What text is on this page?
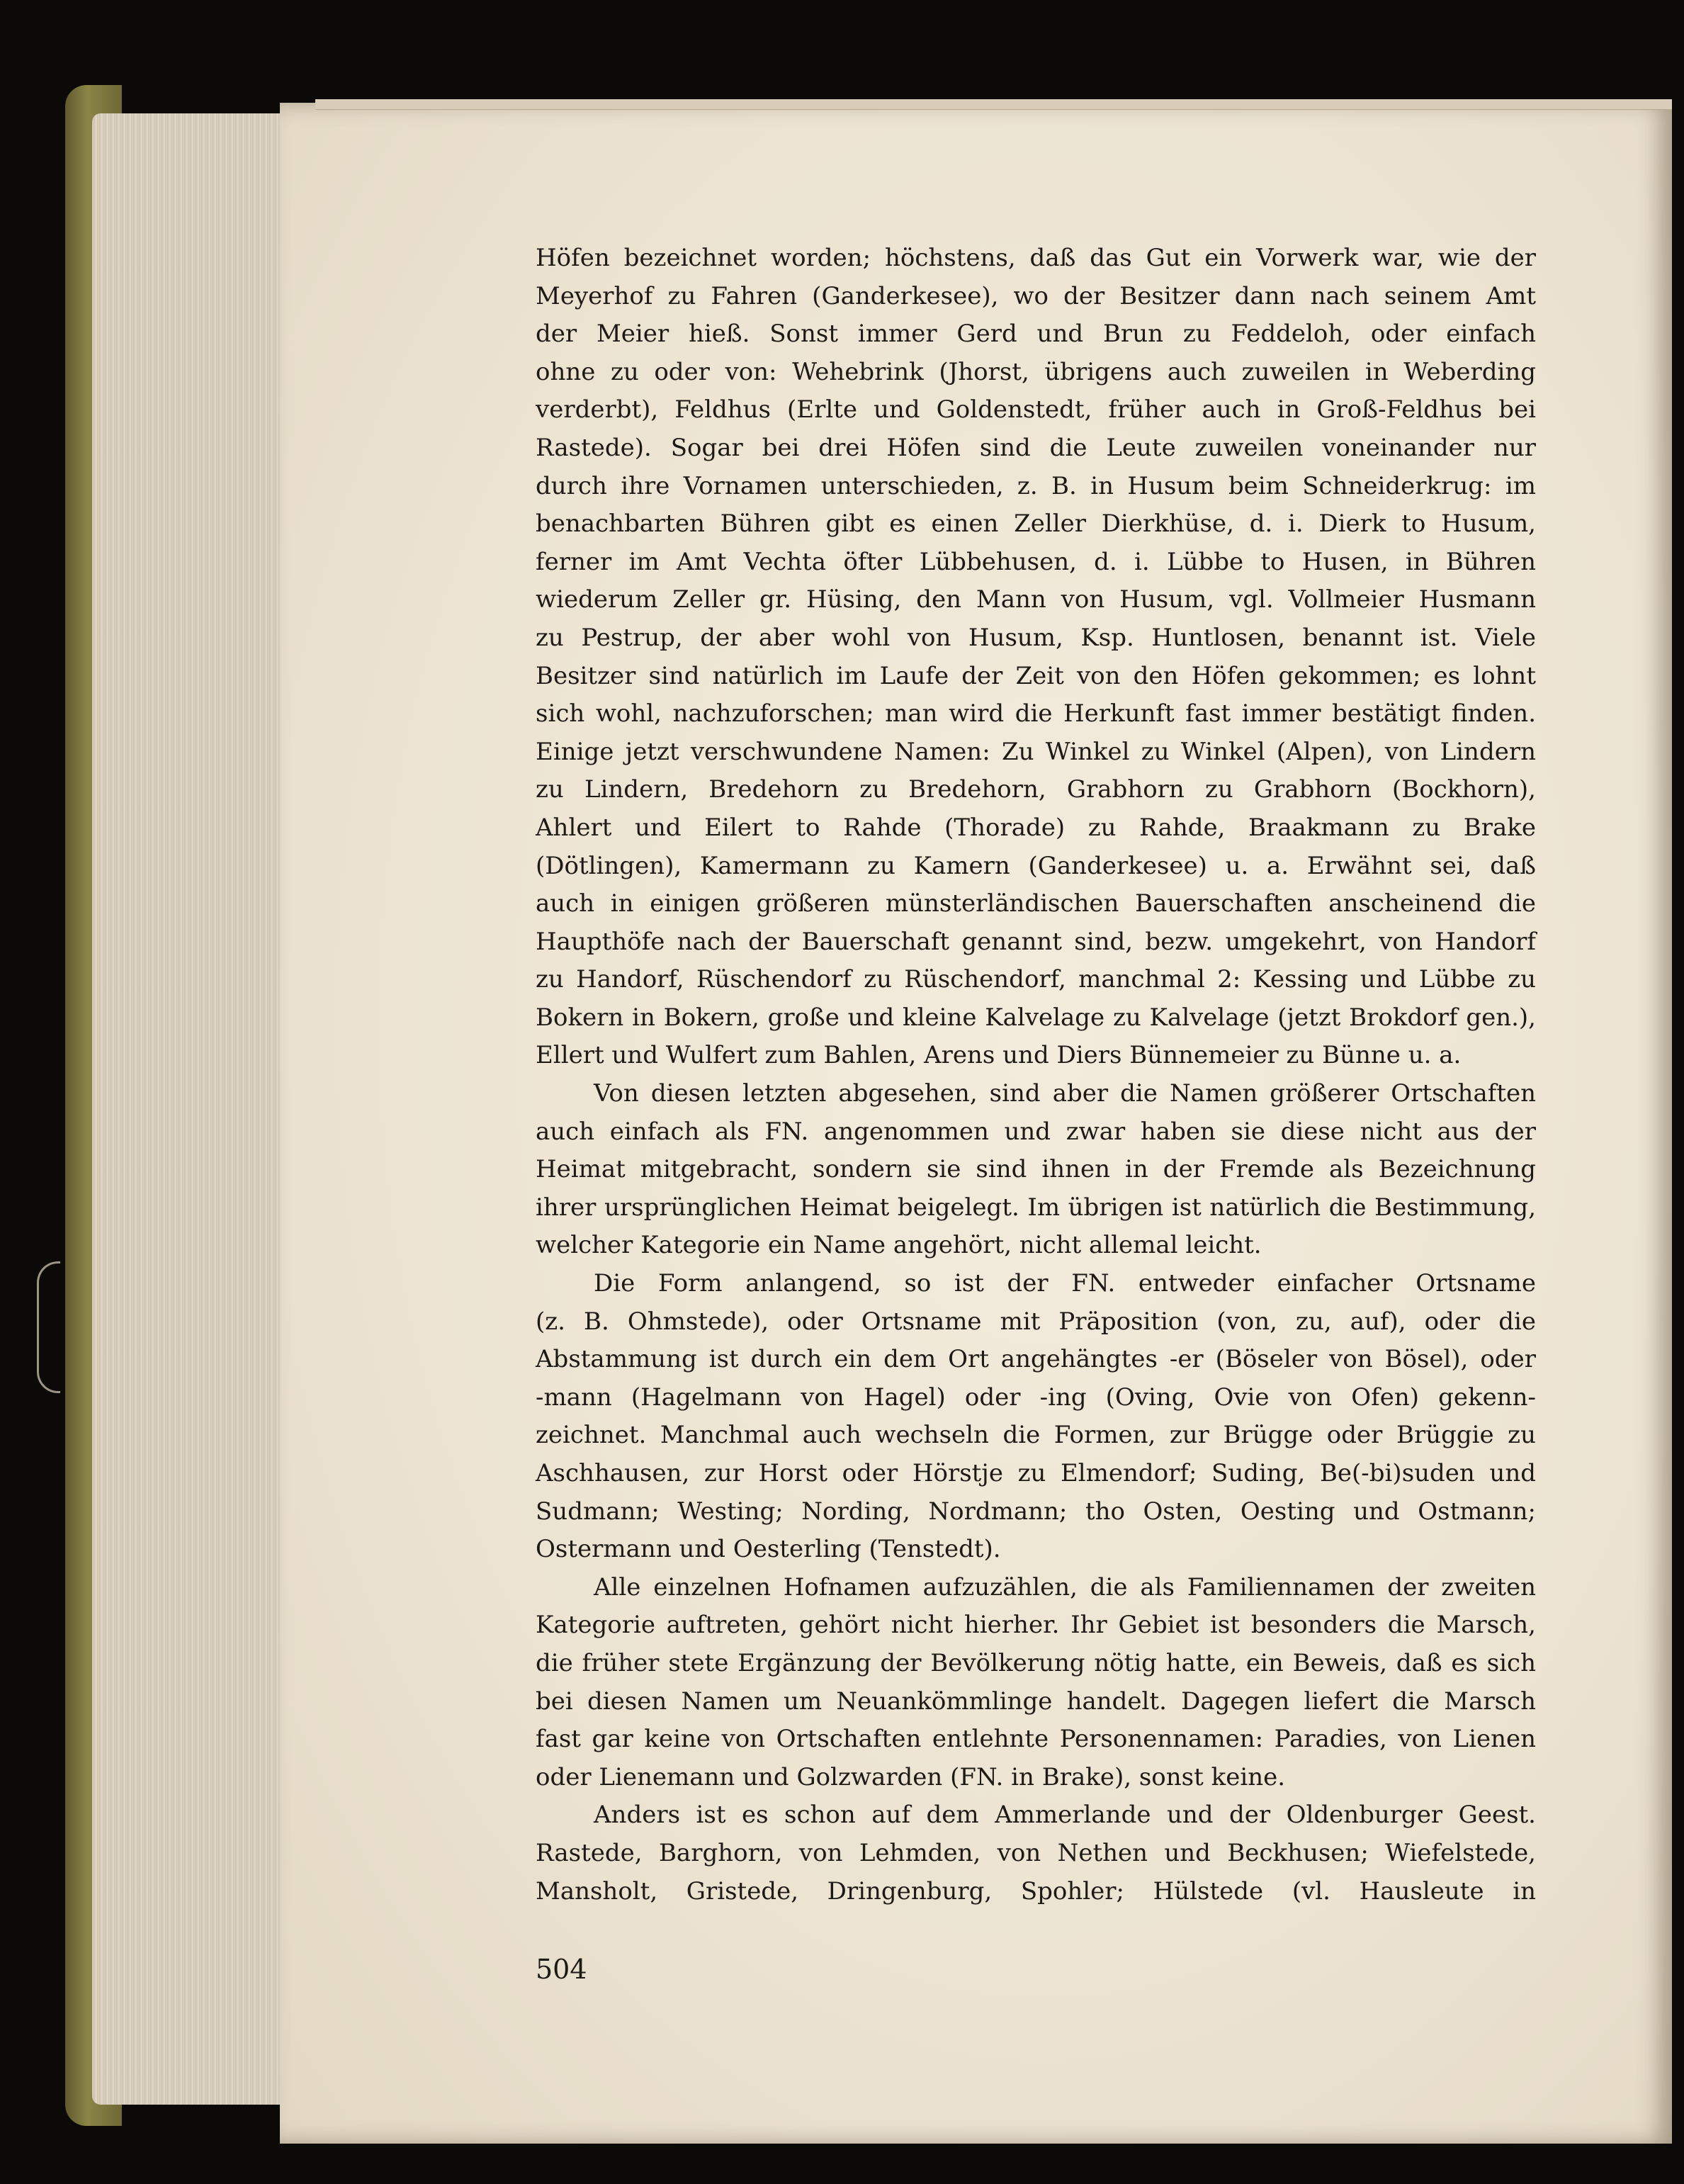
Höfen bezeichnet worden; höchstens, daß das Gut ein Vorwerk war, wie der
Meyerhof zu Fahren (Ganderkesee), wo der Besitzer dann nach seinem Amt
der Meier hieß. Sonst immer Gerd und Brun zu Feddeloh, oder einfach
ohne zu oder von: Wehebrink (Jhorst, übrigens auch zuweilen in Weberding
verderbt), Feldhus (Erlte und Goldenstedt, früher auch in Groß-Feldhus bei
Rastede). Sogar bei drei Höfen sind die Leute zuweilen voneinander nur
durch ihre Vornamen unterschieden, z. B. in Husum beim Schneiderkrug: im
benachbarten Bühren gibt es einen Zeller Dierkhüse, d. i. Dierk to Husum,
ferner im Amt Vechta öfter Lübbehusen, d. i. Lübbe to Husen, in Bühren
wiederum Zeller gr. Hüsing, den Mann von Husum, vgl. Vollmeier Husmann
zu Pestrup, der aber wohl von Husum, Ksp. Huntlosen, benannt ist. Viele
Besitzer sind natürlich im Laufe der Zeit von den Höfen gekommen; es lohnt
sich wohl, nachzuforschen; man wird die Herkunft fast immer bestätigt finden.
Einige jetzt verschwundene Namen: Zu Winkel zu Winkel (Alpen), von Lindern
zu Lindern, Bredehorn zu Bredehorn, Grabhorn zu Grabhorn (Bockhorn),
Ahlert und Eilert to Rahde (Thorade) zu Rahde, Braakmann zu Brake
(Dötlingen), Kamermann zu Kamern (Ganderkesee) u. a. Erwähnt sei, daß
auch in einigen größeren münsterländischen Bauerschaften anscheinend die
Haupthöfe nach der Bauerschaft genannt sind, bezw. umgekehrt, von Handorf
zu Handorf, Rüschendorf zu Rüschendorf, manchmal 2: Kessing und Lübbe zu
Bokern in Bokern, große und kleine Kalvelage zu Kalvelage (jetzt Brokdorf gen.),
Ellert und Wulfert zum Bahlen, Arens und Diers Bünnemeier zu Bünne u. a.
Von diesen letzten abgesehen, sind aber die Namen größerer Ortschaften
auch einfach als FN. angenommen und zwar haben sie diese nicht aus der
Heimat mitgebracht, sondern sie sind ihnen in der Fremde als Bezeichnung
ihrer ursprünglichen Heimat beigelegt. Im übrigen ist natürlich die Bestimmung,
welcher Kategorie ein Name angehört, nicht allemal leicht.
Die Form anlangend, so ist der FN. entweder einfacher Ortsname
(z. B. Ohmstede), oder Ortsname mit Präposition (von, zu, auf), oder die
Abstammung ist durch ein dem Ort angehängtes -er (Böseler von Bösel), oder
-mann (Hagelmann von Hagel) oder -ing (Oving, Ovie von Ofen) gekenn-
zeichnet. Manchmal auch wechseln die Formen, zur Brügge oder Brüggie zu
Aschhausen, zur Horst oder Hörstje zu Elmendorf; Suding, Be(-bi)suden und
Sudmann; Westing; Nording, Nordmann; tho Osten, Oesting und Ostmann;
Ostermann und Oesterling (Tenstedt).
Alle einzelnen Hofnamen aufzuzählen, die als Familiennamen der zweiten
Kategorie auftreten, gehört nicht hierher. Ihr Gebiet ist besonders die Marsch,
die früher stete Ergänzung der Bevölkerung nötig hatte, ein Beweis, daß es sich
bei diesen Namen um Neuankömmlinge handelt. Dagegen liefert die Marsch
fast gar keine von Ortschaften entlehnte Personennamen: Paradies, von Lienen
oder Lienemann und Golzwarden (FN. in Brake), sonst keine.
Anders ist es schon auf dem Ammerlande und der Oldenburger Geest.
Rastede, Barghorn, von Lehmden, von Nethen und Beckhusen; Wiefelstede,
Mansholt, Gristede, Dringenburg, Spohler; Hülstede (vl. Hausleute in
504
